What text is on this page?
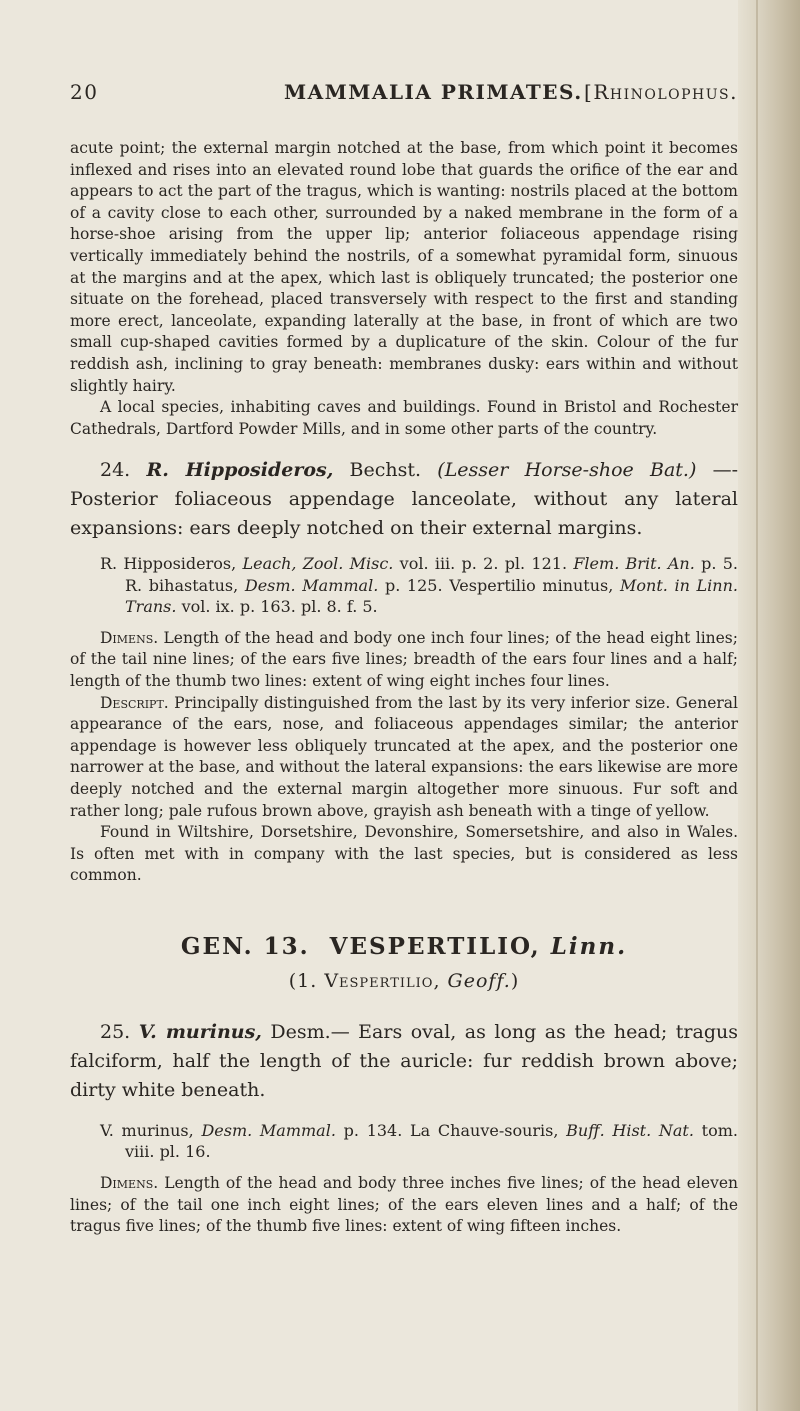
20	MAMMALIA PRIMATES. [Rhinolophus.

acute point; the external margin notched at the base, from which point it becomes inflexed and rises into an elevated round lobe that guards the orifice of the ear and appears to act the part of the tragus, which is wanting: nostrils placed at the bottom of a cavity close to each other, surrounded by a naked membrane in the form of a horse-shoe arising from the upper lip; anterior foliaceous appendage rising vertically immediately behind the nostrils, of a somewhat pyramidal form, sinuous at the margins and at the apex, which last is obliquely truncated; the posterior one situate on the forehead, placed transversely with respect to the first and standing more erect, lanceolate, expanding laterally at the base, in front of which are two small cup-shaped cavities formed by a duplicature of the skin. Colour of the fur reddish ash, inclining to gray beneath: membranes dusky: ears within and without slightly hairy.

A local species, inhabiting caves and buildings. Found in Bristol and Rochester Cathedrals, Dartford Powder Mills, and in some other parts of the country.

24. R. Hipposideros, Bechst. (Lesser Horse-shoe Bat.) —-Posterior foliaceous appendage lanceolate, without any lateral expansions: ears deeply notched on their external margins.

R. Hipposideros, Leach, Zool. Misc. vol. iii. p. 2. pl. 121. Flem. Brit. An. p. 5. R. bihastatus, Desm. Mammal. p. 125. Vespertilio minutus, Mont. in Linn. Trans. vol. ix. p. 163. pl. 8. f. 5.

Dimens. Length of the head and body one inch four lines; of the head eight lines; of the tail nine lines; of the ears five lines; breadth of the ears four lines and a half; length of the thumb two lines: extent of wing eight inches four lines.

Descript. Principally distinguished from the last by its very inferior size. General appearance of the ears, nose, and foliaceous appendages similar; the anterior appendage is however less obliquely truncated at the apex, and the posterior one narrower at the base, and without the lateral expansions: the ears likewise are more deeply notched and the external margin altogether more sinuous. Fur soft and rather long; pale rufous brown above, grayish ash beneath with a tinge of yellow.

Found in Wiltshire, Dorsetshire, Devonshire, Somersetshire, and also in Wales. Is often met with in company with the last species, but is considered as less common.

GEN. 13. VESPERTILIO, Linn.

(1. Vespertilio, Geoff.)

25. V. murinus, Desm.— Ears oval, as long as the head; tragus falciform, half the length of the auricle: fur reddish brown above; dirty white beneath.

V. murinus, Desm. Mammal. p. 134. La Chauve-souris, Buff. Hist. Nat. tom. viii. pl. 16.

Dimens. Length of the head and body three inches five lines; of the head eleven lines; of the tail one inch eight lines; of the ears eleven lines and a half; of the tragus five lines; of the thumb five lines: extent of wing fifteen inches.
